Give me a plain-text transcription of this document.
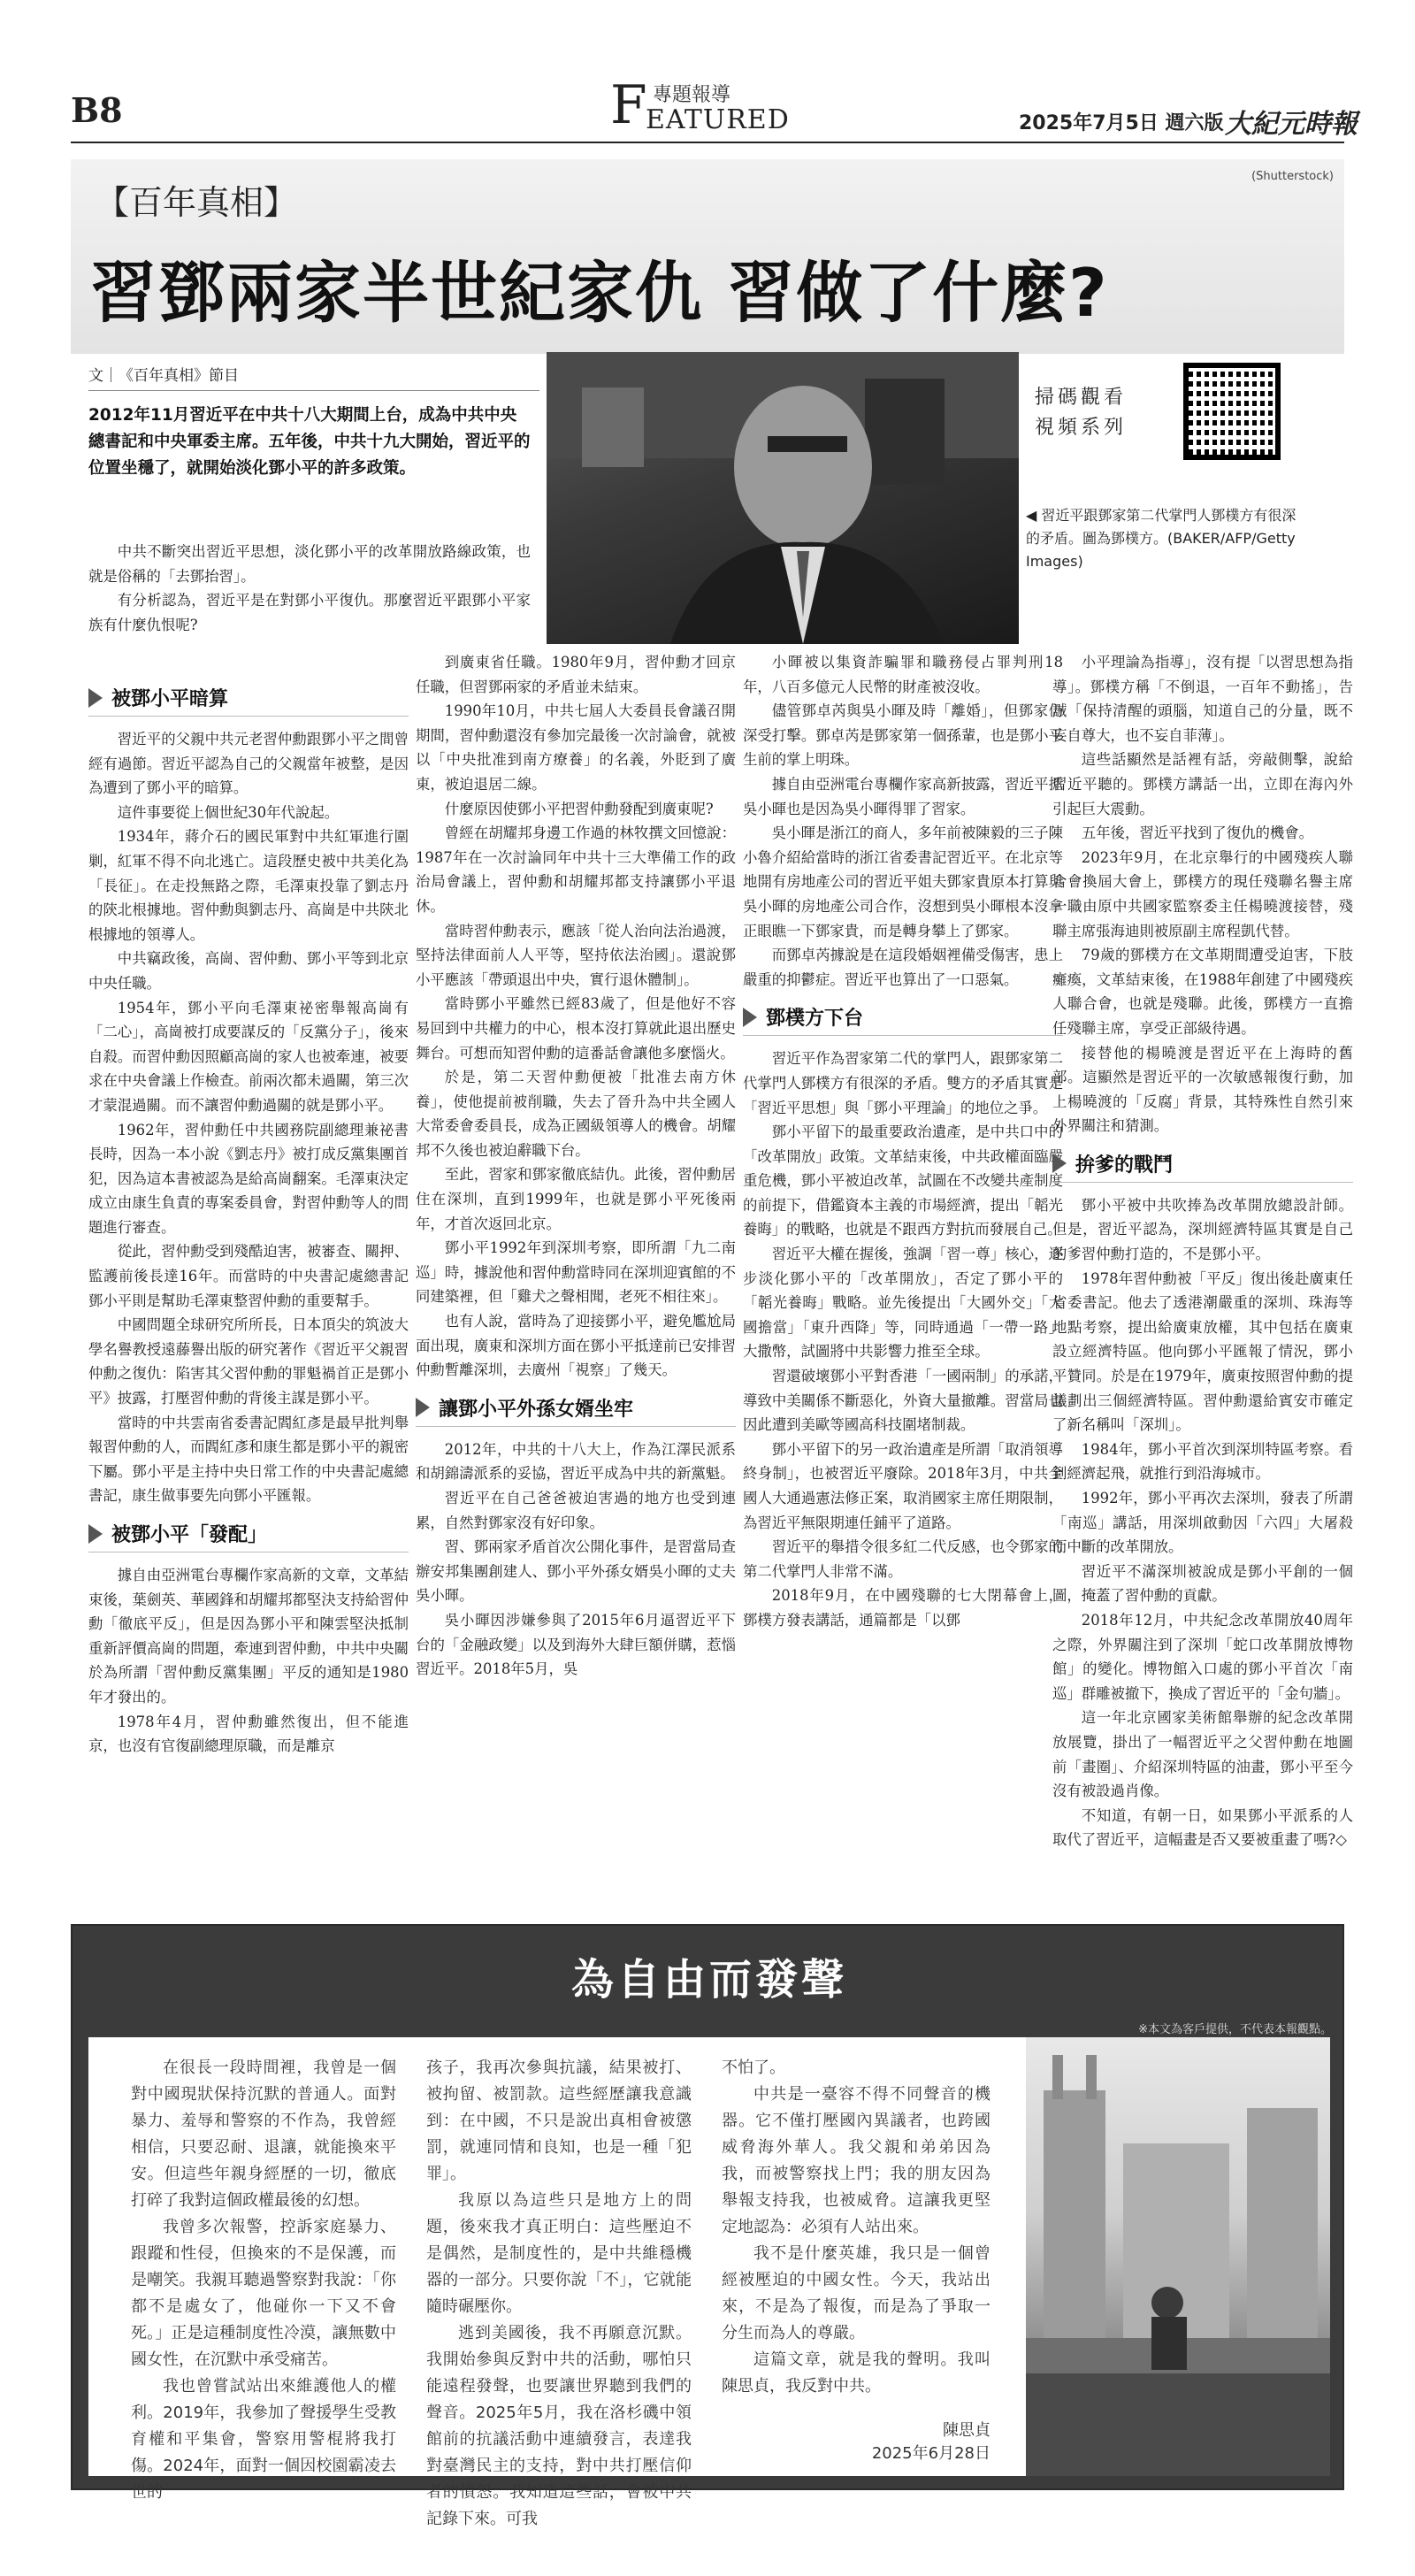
B8	F 專題報導
EATURED	2025年7月5日 週六版 大紀元時報
【百年真相】
(Shutterstock)
習鄧兩家半世紀家仇 習做了什麼?
文｜《百年真相》節目
2012年11月習近平在中共十八大期間上台，成為中共中央總書記和中央軍委主席。五年後，中共十九大開始，習近平的位置坐穩了，就開始淡化鄧小平的許多政策。
掃碼觀看
視頻系列
◀ 習近平跟鄧家第二代掌門人鄧樸方有很深的矛盾。圖為鄧樸方。(BAKER/AFP/Getty Images)

中共不斷突出習近平思想，淡化鄧小平的改革開放路線政策，也就是俗稱的「去鄧抬習」。

有分析認為，習近平是在對鄧小平復仇。那麼習近平跟鄧小平家族有什麼仇恨呢?

被鄧小平暗算

習近平的父親中共元老習仲勳跟鄧小平之間曾經有過節。習近平認為自己的父親當年被整，是因為遭到了鄧小平的暗算。

這件事要從上個世紀30年代說起。

1934年，蔣介石的國民軍對中共紅軍進行圍剿，紅軍不得不向北逃亡。這段歷史被中共美化為「長征」。在走投無路之際，毛澤東投靠了劉志丹的陝北根據地。習仲勳與劉志丹、高崗是中共陝北根據地的領導人。

中共竊政後，高崗、習仲勳、鄧小平等到北京中央任職。

1954年，鄧小平向毛澤東祕密舉報高崗有「二心」，高崗被打成要謀反的「反黨分子」，後來自殺。而習仲勳因照顧高崗的家人也被牽連，被要求在中央會議上作檢查。前兩次都未過關，第三次才蒙混過關。而不讓習仲勳過關的就是鄧小平。

1962年，習仲勳任中共國務院副總理兼祕書長時，因為一本小說《劉志丹》被打成反黨集團首犯，因為這本書被認為是給高崗翻案。毛澤東決定成立由康生負責的專案委員會，對習仲勳等人的問題進行審查。

從此，習仲勳受到殘酷迫害，被審查、關押、監護前後長達16年。而當時的中央書記處總書記鄧小平則是幫助毛澤東整習仲勳的重要幫手。

中國問題全球研究所所長，日本頂尖的筑波大學名譽教授遠藤譽出版的研究著作《習近平父親習仲勳之復仇：陷害其父習仲勳的罪魁禍首正是鄧小平》披露，打壓習仲勳的背後主謀是鄧小平。

當時的中共雲南省委書記閻紅彥是最早批判舉報習仲勳的人，而閻紅彥和康生都是鄧小平的親密下屬。鄧小平是主持中央日常工作的中央書記處總書記，康生做事要先向鄧小平匯報。

被鄧小平「發配」

據自由亞洲電台專欄作家高新的文章，文革結束後，葉劍英、華國鋒和胡耀邦都堅決支持給習仲勳「徹底平反」，但是因為鄧小平和陳雲堅決抵制重新評價高崗的問題，牽連到習仲勳，中共中央關於為所謂「習仲勳反黨集團」平反的通知是1980年才發出的。

1978年4月，習仲勳雖然復出，但不能進京，也沒有官復副總理原職，而是離京

到廣東省任職。1980年9月，習仲勳才回京任職，但習鄧兩家的矛盾並未結束。

1990年10月，中共七屆人大委員長會議召開期間，習仲勳還沒有參加完最後一次討論會，就被以「中央批准到南方療養」的名義，外貶到了廣東，被迫退居二線。

什麼原因使鄧小平把習仲勳發配到廣東呢?

曾經在胡耀邦身邊工作過的林牧撰文回憶說：1987年在一次討論同年中共十三大準備工作的政治局會議上，習仲勳和胡耀邦都支持讓鄧小平退休。

當時習仲勳表示，應該「從人治向法治過渡，堅持法律面前人人平等，堅持依法治國」。還說鄧小平應該「帶頭退出中央，實行退休體制」。

當時鄧小平雖然已經83歲了，但是他好不容易回到中共權力的中心，根本沒打算就此退出歷史舞台。可想而知習仲勳的這番話會讓他多麼惱火。

於是，第二天習仲勳便被「批准去南方休養」，使他提前被削職，失去了晉升為中共全國人大常委會委員長，成為正國級領導人的機會。胡耀邦不久後也被迫辭職下台。

至此，習家和鄧家徹底結仇。此後，習仲勳居住在深圳，直到1999年，也就是鄧小平死後兩年，才首次返回北京。

鄧小平1992年到深圳考察，即所謂「九二南巡」時，據說他和習仲勳當時同在深圳迎賓館的不同建築裡，但「雞犬之聲相聞，老死不相往來」。

也有人說，當時為了迎接鄧小平，避免尷尬局面出現，廣東和深圳方面在鄧小平抵達前已安排習仲勳暫離深圳，去廣州「視察」了幾天。

讓鄧小平外孫女婿坐牢

2012年，中共的十八大上，作為江澤民派系和胡錦濤派系的妥協，習近平成為中共的新黨魁。

習近平在自己爸爸被迫害過的地方也受到連累，自然對鄧家沒有好印象。

習、鄧兩家矛盾首次公開化事件，是習當局查辦安邦集團創建人、鄧小平外孫女婿吳小暉的丈夫吳小暉。

吳小暉因涉嫌參與了2015年6月逼習近平下台的「金融政變」以及到海外大肆巨額併購，惹惱習近平。2018年5月，吳

小暉被以集資詐騙罪和職務侵占罪判刑18年，八百多億元人民幣的財產被沒收。

儘管鄧卓芮與吳小暉及時「離婚」，但鄧家仍深受打擊。鄧卓芮是鄧家第一個孫輩，也是鄧小平生前的掌上明珠。

據自由亞洲電台專欄作家高新披露，習近平抓吳小暉也是因為吳小暉得罪了習家。

吳小暉是浙江的商人，多年前被陳毅的三子陳小魯介紹給當時的浙江省委書記習近平。在北京等地開有房地產公司的習近平姐夫鄧家貴原本打算與吳小暉的房地產公司合作，沒想到吳小暉根本沒拿正眼瞧一下鄧家貴，而是轉身攀上了鄧家。

而鄧卓芮據說是在這段婚姻裡備受傷害，患上嚴重的抑鬱症。習近平也算出了一口惡氣。

鄧樸方下台

習近平作為習家第二代的掌門人，跟鄧家第二代掌門人鄧樸方有很深的矛盾。雙方的矛盾其實是「習近平思想」與「鄧小平理論」的地位之爭。

鄧小平留下的最重要政治遺產，是中共口中的「改革開放」政策。文革結束後，中共政權面臨嚴重危機，鄧小平被迫改革，試圖在不改變共產制度的前提下，借鑑資本主義的市場經濟，提出「韜光養晦」的戰略，也就是不跟西方對抗而發展自己。

習近平大權在握後，強調「習一尊」核心，逐步淡化鄧小平的「改革開放」，否定了鄧小平的「韜光養晦」戰略。並先後提出「大國外交」「大國擔當」「東升西降」等，同時通過「一帶一路」大撒幣，試圖將中共影響力推至全球。

習還破壞鄧小平對香港「一國兩制」的承諾，導致中美關係不斷惡化，外資大量撤離。習當局也因此遭到美歐等國高科技圍堵制裁。

鄧小平留下的另一政治遺產是所謂「取消領導終身制」，也被習近平廢除。2018年3月，中共全國人大通過憲法修正案，取消國家主席任期限制，為習近平無限期連任鋪平了道路。

習近平的舉措令很多紅二代反感，也令鄧家的第二代掌門人非常不滿。

2018年9月，在中國殘聯的七大閉幕會上，鄧樸方發表講話，通篇都是「以鄧

小平理論為指導」，沒有提「以習思想為指導」。鄧樸方稱「不倒退，一百年不動搖」，告誡「保持清醒的頭腦，知道自己的分量，既不妄自尊大，也不妄自菲薄」。

這些話顯然是話裡有話，旁敲側擊，說給習近平聽的。鄧樸方講話一出，立即在海內外引起巨大震動。

五年後，習近平找到了復仇的機會。

2023年9月，在北京舉行的中國殘疾人聯合會換屆大會上，鄧樸方的現任殘聯名譽主席一職由原中共國家監察委主任楊曉渡接替，殘聯主席張海迪則被原副主席程凱代替。

79歲的鄧樸方在文革期間遭受迫害，下肢癱瘓，文革結束後，在1988年創建了中國殘疾人聯合會，也就是殘聯。此後，鄧樸方一直擔任殘聯主席，享受正部級待遇。

接替他的楊曉渡是習近平在上海時的舊部。這顯然是習近平的一次敏感報復行動，加上楊曉渡的「反腐」背景，其特殊性自然引來外界關注和猜測。

拚爹的戰鬥

鄧小平被中共吹捧為改革開放總設計師。但是，習近平認為，深圳經濟特區其實是自己的爹習仲勳打造的，不是鄧小平。

1978年習仲勳被「平反」復出後赴廣東任省委書記。他去了透港潮嚴重的深圳、珠海等地點考察，提出給廣東放權，其中包括在廣東設立經濟特區。他向鄧小平匯報了情況，鄧小平贊同。於是在1979年，廣東按照習仲勳的提議劃出三個經濟特區。習仲勳還給賓安市確定了新名稱叫「深圳」。

1984年，鄧小平首次到深圳特區考察。看到經濟起飛，就推行到沿海城市。

1992年，鄧小平再次去深圳，發表了所謂「南巡」講話，用深圳啟動因「六四」大屠殺而中斷的改革開放。

習近平不滿深圳被說成是鄧小平創的一個圖，掩蓋了習仲勳的貢獻。

2018年12月，中共紀念改革開放40周年之際，外界關注到了深圳「蛇口改革開放博物館」的變化。博物館入口處的鄧小平首次「南巡」群雕被撤下，換成了習近平的「金句牆」。

這一年北京國家美術館舉辦的紀念改革開放展覽，掛出了一幅習近平之父習仲勳在地圖前「畫圈」、介紹深圳特區的油畫，鄧小平至今沒有被設過肖像。

不知道，有朝一日，如果鄧小平派系的人取代了習近平，這幅畫是否又要被重畫了嗎?◇

為自由而發聲
※本文為客戶提供，不代表本報觀點。
在很長一段時間裡，我曾是一個對中國現狀保持沉默的普通人。面對暴力、羞辱和警察的不作為，我曾經相信，只要忍耐、退讓，就能換來平安。但這些年親身經歷的一切，徹底打碎了我對這個政權最後的幻想。
我曾多次報警，控訴家庭暴力、跟蹤和性侵，但換來的不是保護，而是嘲笑。我親耳聽過警察對我說：「你都不是處女了，他碰你一下又不會死。」正是這種制度性冷漠，讓無數中國女性，在沉默中承受痛苦。
我也曾嘗試站出來維護他人的權利。2019年，我參加了聲援學生受教育權和平集會，警察用警棍將我打傷。2024年，面對一個因校園霸凌去世的
孩子，我再次參與抗議，結果被打、被拘留、被罰款。這些經歷讓我意識到：在中國，不只是說出真相會被懲罰，就連同情和良知，也是一種「犯罪」。
我原以為這些只是地方上的問題，後來我才真正明白：這些壓迫不是偶然，是制度性的，是中共維穩機器的一部分。只要你說「不」，它就能隨時碾壓你。
逃到美國後，我不再願意沉默。我開始參與反對中共的活動，哪怕只能遠程發聲，也要讓世界聽到我們的聲音。2025年5月，我在洛杉磯中領館前的抗議活動中連續發言，表達我對臺灣民主的支持，對中共打壓信仰者的憤怒。我知道這些話，會被中共記錄下來。可我
不怕了。
中共是一臺容不得不同聲音的機器。它不僅打壓國內異議者，也跨國威脅海外華人。我父親和弟弟因為我，而被警察找上門；我的朋友因為舉報支持我，也被威脅。這讓我更堅定地認為：必須有人站出來。
我不是什麼英雄，我只是一個曾經被壓迫的中國女性。今天，我站出來，不是為了報復，而是為了爭取一分生而為人的尊嚴。
這篇文章，就是我的聲明。我叫陳思貞，我反對中共。
陳思貞
2025年6月28日
